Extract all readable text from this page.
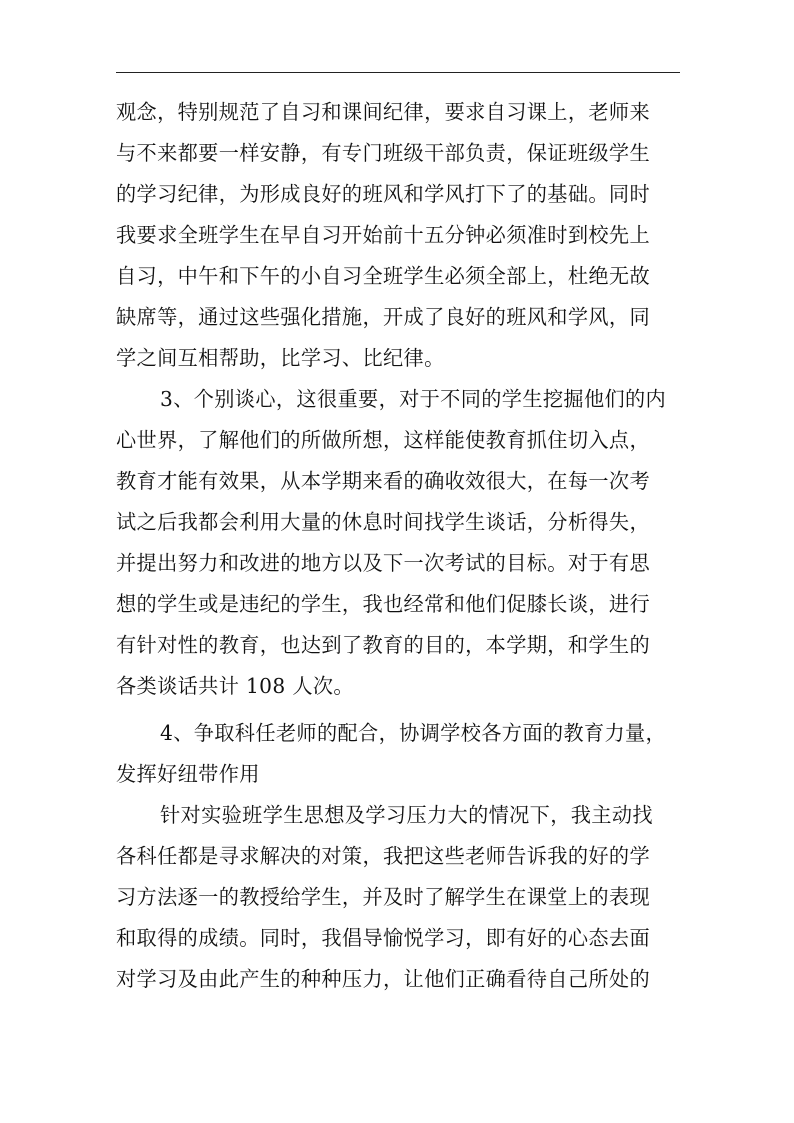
观念，特别规范了自习和课间纪律，要求自习课上，老师来
与不来都要一样安静，有专门班级干部负责，保证班级学生
的学习纪律，为形成良好的班风和学风打下了的基础。同时
我要求全班学生在早自习开始前十五分钟必须准时到校先上
自习，中午和下午的小自习全班学生必须全部上，杜绝无故
缺席等，通过这些强化措施，开成了良好的班风和学风，同
学之间互相帮助，比学习、比纪律。
3、个别谈心，这很重要，对于不同的学生挖掘他们的内
心世界，了解他们的所做所想，这样能使教育抓住切入点，
教育才能有效果，从本学期来看的确收效很大，在每一次考
试之后我都会利用大量的休息时间找学生谈话，分析得失，
并提出努力和改进的地方以及下一次考试的目标。对于有思
想的学生或是违纪的学生，我也经常和他们促膝长谈，进行
有针对性的教育，也达到了教育的目的，本学期，和学生的
各类谈话共计 108 人次。
4、争取科任老师的配合，协调学校各方面的教育力量，
发挥好纽带作用
针对实验班学生思想及学习压力大的情况下，我主动找
各科任都是寻求解决的对策，我把这些老师告诉我的好的学
习方法逐一的教授给学生，并及时了解学生在课堂上的表现
和取得的成绩。同时，我倡导愉悦学习，即有好的心态去面
对学习及由此产生的种种压力，让他们正确看待自己所处的
